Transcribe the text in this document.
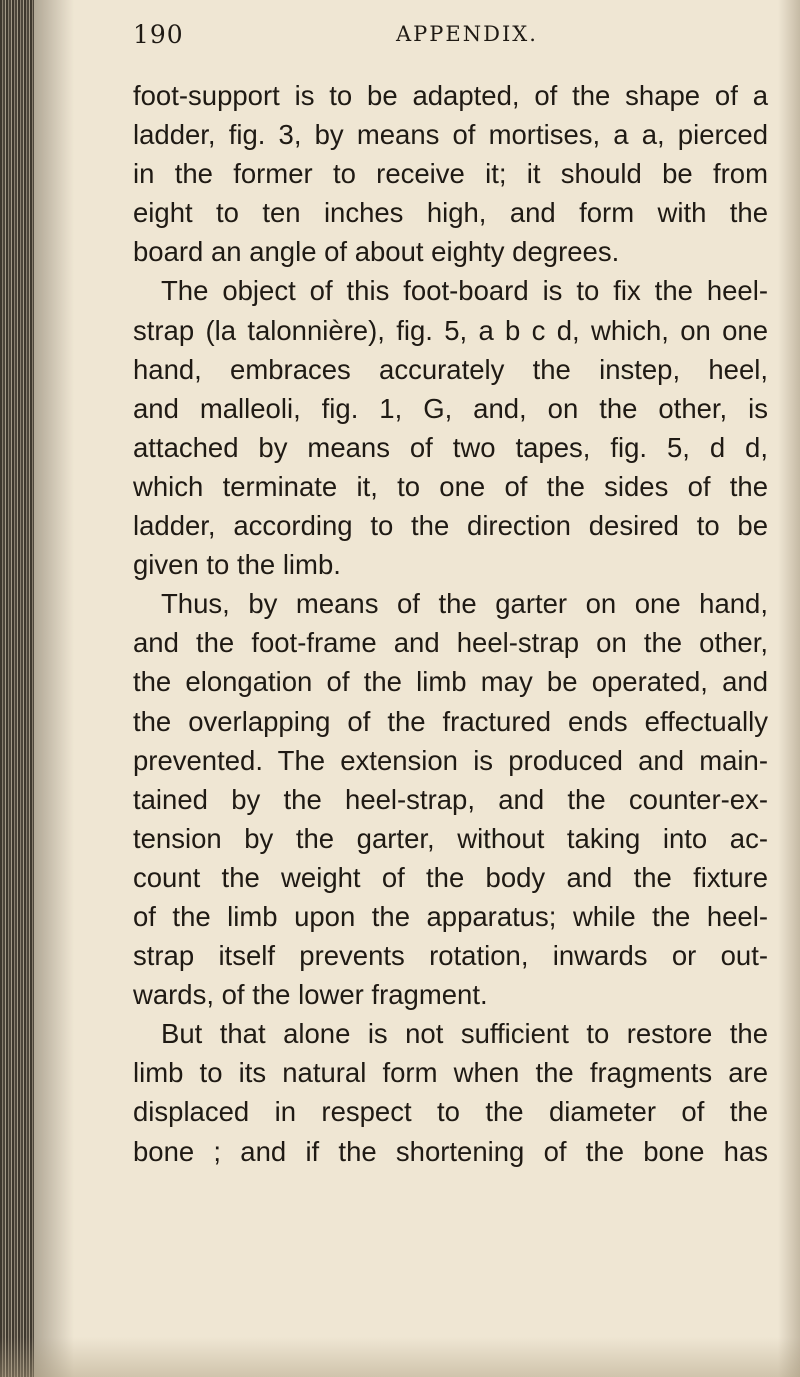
190	APPENDIX.

foot-support is to be adapted, of the shape of a

ladder, fig. 3, by means of mortises, a a, pierced

in the former to receive it; it should be from

eight to ten inches high, and form with the

board an angle of about eighty degrees.

The object of this foot-board is to fix the heel-

strap (la talonnière), fig. 5, a b c d, which, on one

hand, embraces accurately the instep, heel,

and malleoli, fig. 1, G, and, on the other, is

attached by means of two tapes, fig. 5, d d,

which terminate it, to one of the sides of the

ladder, according to the direction desired to be

given to the limb.

Thus, by means of the garter on one hand,

and the foot-frame and heel-strap on the other,

the elongation of the limb may be operated, and

the overlapping of the fractured ends effectually

prevented. The extension is produced and main-

tained by the heel-strap, and the counter-ex-

tension by the garter, without taking into ac-

count the weight of the body and the fixture

of the limb upon the apparatus; while the heel-

strap itself prevents rotation, inwards or out-

wards, of the lower fragment.

But that alone is not sufficient to restore the

limb to its natural form when the fragments are

displaced in respect to the diameter of the

bone ; and if the shortening of the bone has
